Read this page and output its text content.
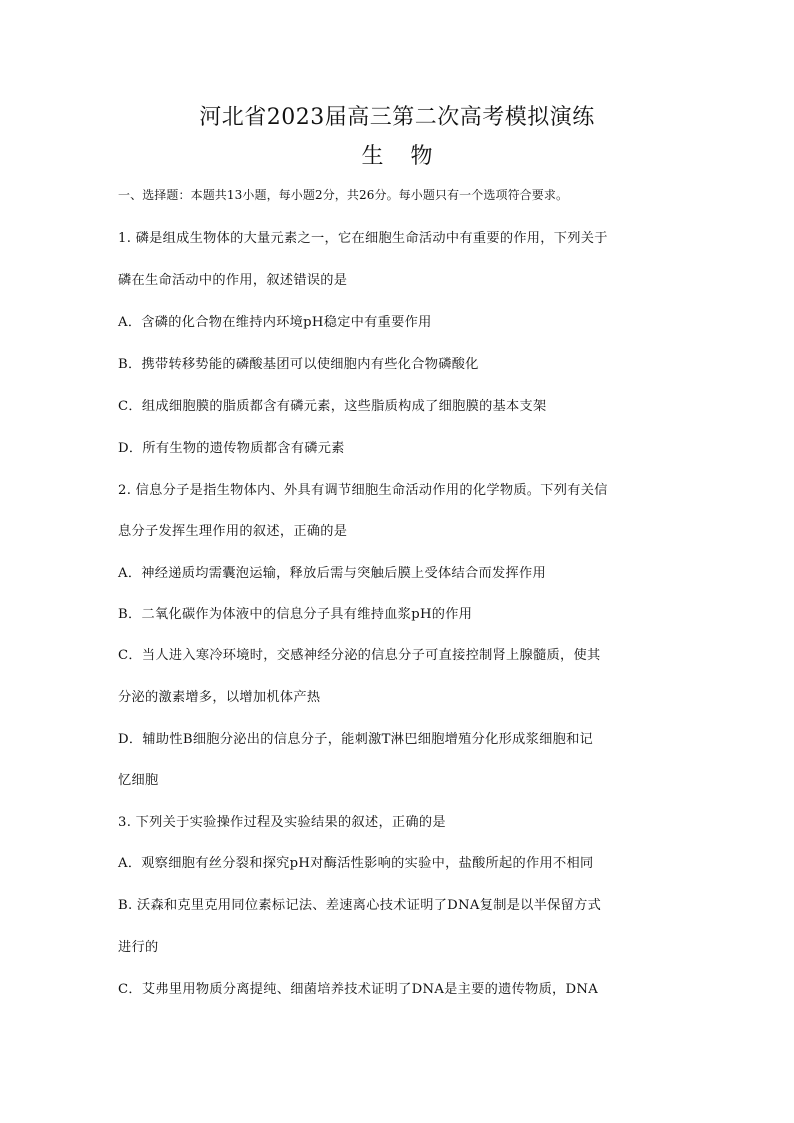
河北省2023届高三第二次高考模拟演练
生 物
一、选择题：本题共13小题，每小题2分，共26分。每小题只有一个选项符合要求。
1. 磷是组成生物体的大量元素之一，它在细胞生命活动中有重要的作用，下列关于
磷在生命活动中的作用，叙述错误的是
A．含磷的化合物在维持内环境pH稳定中有重要作用
B．携带转移势能的磷酸基团可以使细胞内有些化合物磷酸化
C．组成细胞膜的脂质都含有磷元素，这些脂质构成了细胞膜的基本支架
D．所有生物的遗传物质都含有磷元素
2. 信息分子是指生物体内、外具有调节细胞生命活动作用的化学物质。下列有关信
息分子发挥生理作用的叙述，正确的是
A．神经递质均需囊泡运输，释放后需与突触后膜上受体结合而发挥作用
B．二氧化碳作为体液中的信息分子具有维持血浆pH的作用
C．当人进入寒冷环境时，交感神经分泌的信息分子可直接控制肾上腺髓质，使其
分泌的激素增多，以增加机体产热
D．辅助性B细胞分泌出的信息分子，能刺激T淋巴细胞增殖分化形成浆细胞和记
忆细胞
3. 下列关于实验操作过程及实验结果的叙述，正确的是
A．观察细胞有丝分裂和探究pH对酶活性影响的实验中，盐酸所起的作用不相同
B. 沃森和克里克用同位素标记法、差速离心技术证明了DNA复制是以半保留方式
进行的
C．艾弗里用物质分离提纯、细菌培养技术证明了DNA是主要的遗传物质，DNA
